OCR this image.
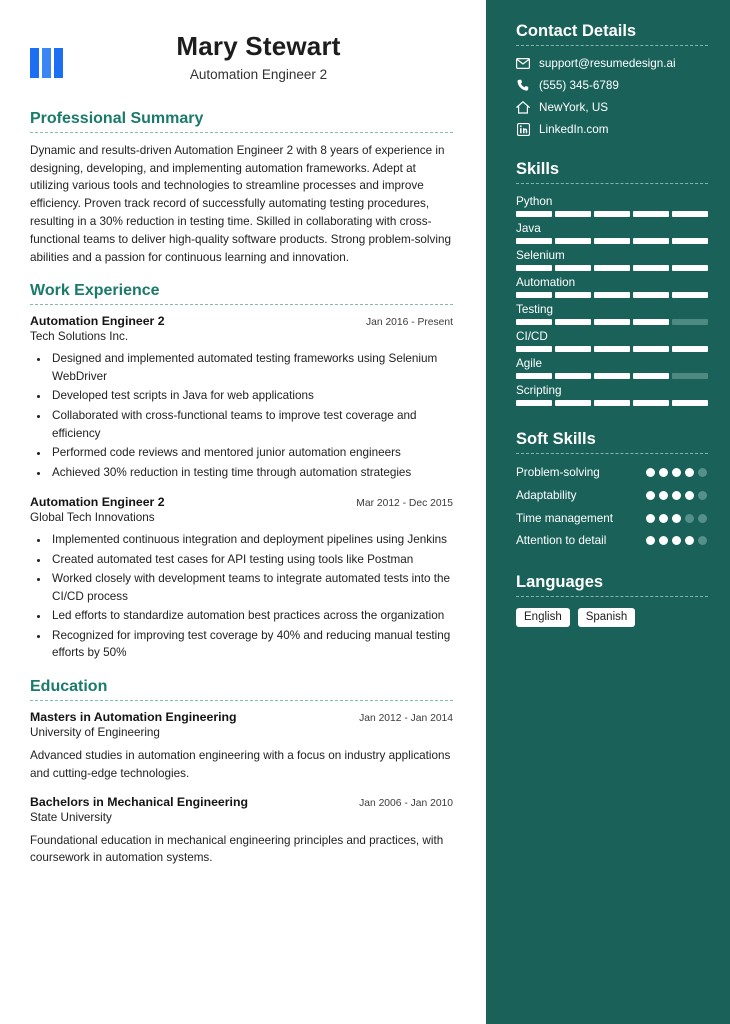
Mary Stewart
Automation Engineer 2
Professional Summary
Dynamic and results-driven Automation Engineer 2 with 8 years of experience in designing, developing, and implementing automation frameworks. Adept at utilizing various tools and technologies to streamline processes and improve efficiency. Proven track record of successfully automating testing procedures, resulting in a 30% reduction in testing time. Skilled in collaborating with cross-functional teams to deliver high-quality software products. Strong problem-solving abilities and a passion for continuous learning and innovation.
Work Experience
Automation Engineer 2	Jan 2016 - Present
Tech Solutions Inc.
• Designed and implemented automated testing frameworks using Selenium WebDriver
• Developed test scripts in Java for web applications
• Collaborated with cross-functional teams to improve test coverage and efficiency
• Performed code reviews and mentored junior automation engineers
• Achieved 30% reduction in testing time through automation strategies
Automation Engineer 2	Mar 2012 - Dec 2015
Global Tech Innovations
• Implemented continuous integration and deployment pipelines using Jenkins
• Created automated test cases for API testing using tools like Postman
• Worked closely with development teams to integrate automated tests into the CI/CD process
• Led efforts to standardize automation best practices across the organization
• Recognized for improving test coverage by 40% and reducing manual testing efforts by 50%
Education
Masters in Automation Engineering	Jan 2012 - Jan 2014
University of Engineering
Advanced studies in automation engineering with a focus on industry applications and cutting-edge technologies.
Bachelors in Mechanical Engineering	Jan 2006 - Jan 2010
State University
Foundational education in mechanical engineering principles and practices, with coursework in automation systems.
Contact Details
support@resumedesign.ai
(555) 345-6789
NewYork, US
LinkedIn.com
Skills
Python
Java
Selenium
Automation
Testing
CI/CD
Agile
Scripting
Soft Skills
Problem-solving
Adaptability
Time management
Attention to detail
Languages
English	Spanish
